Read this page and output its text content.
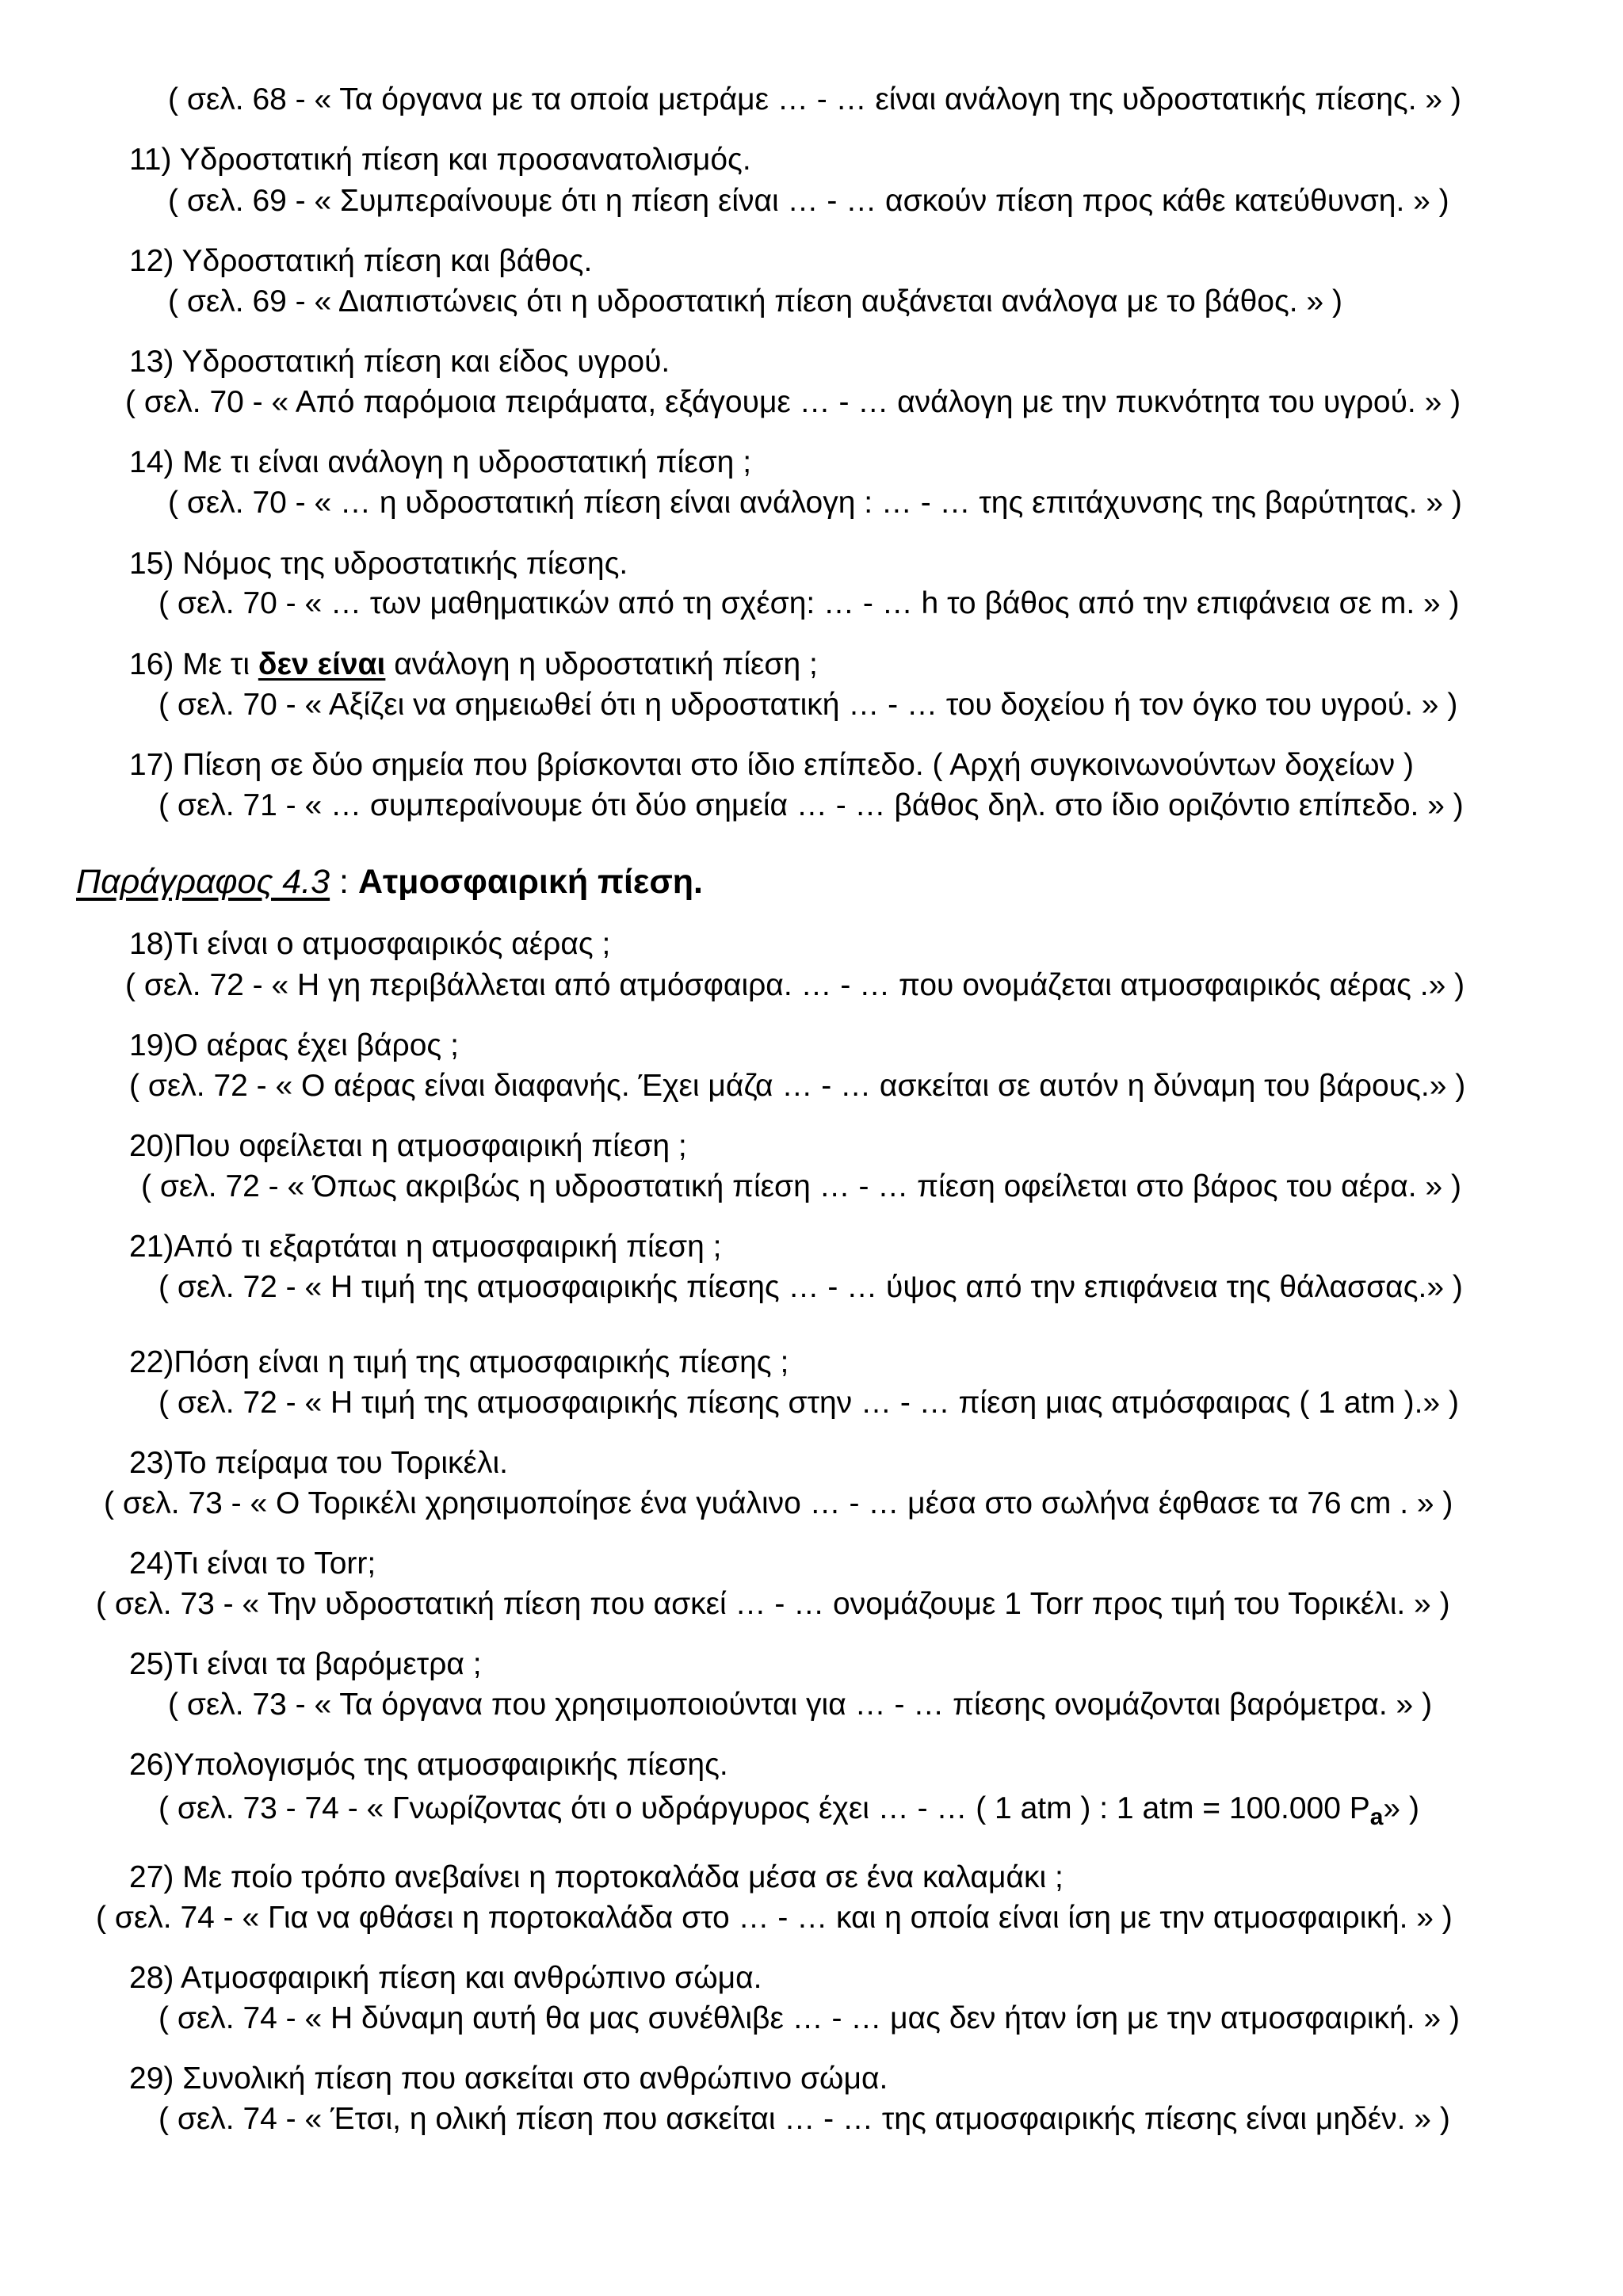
( σελ. 68 - « Τα όργανα με τα οποία μετράμε … - … είναι ανάλογη της υδροστατικής πίεσης. » )
11) Υδροστατική πίεση και προσανατολισμός.
( σελ. 69 - « Συμπεραίνουμε ότι η πίεση είναι … - … ασκούν πίεση προς κάθε κατεύθυνση. » )
12) Υδροστατική πίεση και βάθος.
( σελ. 69 - « Διαπιστώνεις ότι η υδροστατική πίεση αυξάνεται ανάλογα με το βάθος. » )
13) Υδροστατική πίεση και είδος υγρού.
( σελ. 70 - « Από παρόμοια πειράματα, εξάγουμε … - … ανάλογη με την πυκνότητα του υγρού. » )
14) Με τι είναι ανάλογη η υδροστατική πίεση ;
( σελ. 70 - « … η υδροστατική πίεση είναι ανάλογη : … - … της επιτάχυνσης της βαρύτητας. » )
15) Νόμος της υδροστατικής πίεσης.
( σελ. 70 - « … των μαθηματικών από τη σχέση: … - … h το βάθος από την επιφάνεια σε m. » )
16) Με τι δεν είναι ανάλογη η υδροστατική πίεση ;
( σελ. 70 - « Αξίζει να σημειωθεί ότι η υδροστατική … - … του δοχείου ή τον όγκο του υγρού. » )
17) Πίεση σε δύο σημεία που βρίσκονται στο ίδιο επίπεδο. ( Αρχή συγκοινωνούντων δοχείων )
( σελ. 71 - « … συμπεραίνουμε ότι δύο σημεία … - … βάθος δηλ. στο ίδιο οριζόντιο επίπεδο. » )
Παράγραφος 4.3 : Ατμοσφαιρική πίεση.
18)Τι είναι ο ατμοσφαιρικός αέρας ;
( σελ. 72 - « Η γη περιβάλλεται από ατμόσφαιρα. … - … που ονομάζεται ατμοσφαιρικός αέρας .» )
19)Ο αέρας έχει βάρος ;
( σελ. 72 - « Ο αέρας είναι διαφανής. Έχει μάζα … - … ασκείται σε αυτόν η δύναμη του βάρους.» )
20)Που οφείλεται η ατμοσφαιρική πίεση ;
( σελ. 72 - « Όπως ακριβώς η υδροστατική πίεση … - … πίεση οφείλεται στο βάρος του αέρα. » )
21)Από τι εξαρτάται η ατμοσφαιρική πίεση ;
( σελ. 72 - « Η τιμή της ατμοσφαιρικής πίεσης … - … ύψος από την επιφάνεια της θάλασσας.» )
22)Πόση είναι η τιμή της ατμοσφαιρικής πίεσης ;
( σελ. 72 - « Η τιμή της ατμοσφαιρικής πίεσης στην … - … πίεση μιας ατμόσφαιρας ( 1 atm ).» )
23)Το πείραμα του Τορικέλι.
( σελ. 73 - « Ο Τορικέλι χρησιμοποίησε ένα γυάλινο … - … μέσα στο σωλήνα έφθασε τα 76 cm . » )
24)Τι είναι το Torr;
( σελ. 73 - « Την υδροστατική πίεση που ασκεί … - … ονομάζουμε 1 Torr προς τιμή του Τορικέλι. » )
25)Τι είναι τα βαρόμετρα ;
( σελ. 73 - « Τα όργανα που χρησιμοποιούνται για … - … πίεσης ονομάζονται βαρόμετρα. » )
26)Υπολογισμός της ατμοσφαιρικής πίεσης.
( σελ. 73 - 74 - « Γνωρίζοντας ότι ο υδράργυρος έχει … - … ( 1 atm ) : 1 atm = 100.000 $P_a$» )
27) Με ποίο τρόπο ανεβαίνει η πορτοκαλάδα μέσα σε ένα καλαμάκι ;
( σελ. 74 - « Για να φθάσει η πορτοκαλάδα στο … - … και η οποία είναι ίση με την ατμοσφαιρική. » )
28) Ατμοσφαιρική πίεση και ανθρώπινο σώμα.
( σελ. 74 - « Η δύναμη αυτή θα μας συνέθλιβε … - … μας δεν ήταν ίση με την ατμοσφαιρική. » )
29) Συνολική πίεση που ασκείται στο ανθρώπινο σώμα.
( σελ. 74 - « Έτσι, η ολική πίεση που ασκείται … - … της ατμοσφαιρικής πίεσης είναι μηδέν. » )
